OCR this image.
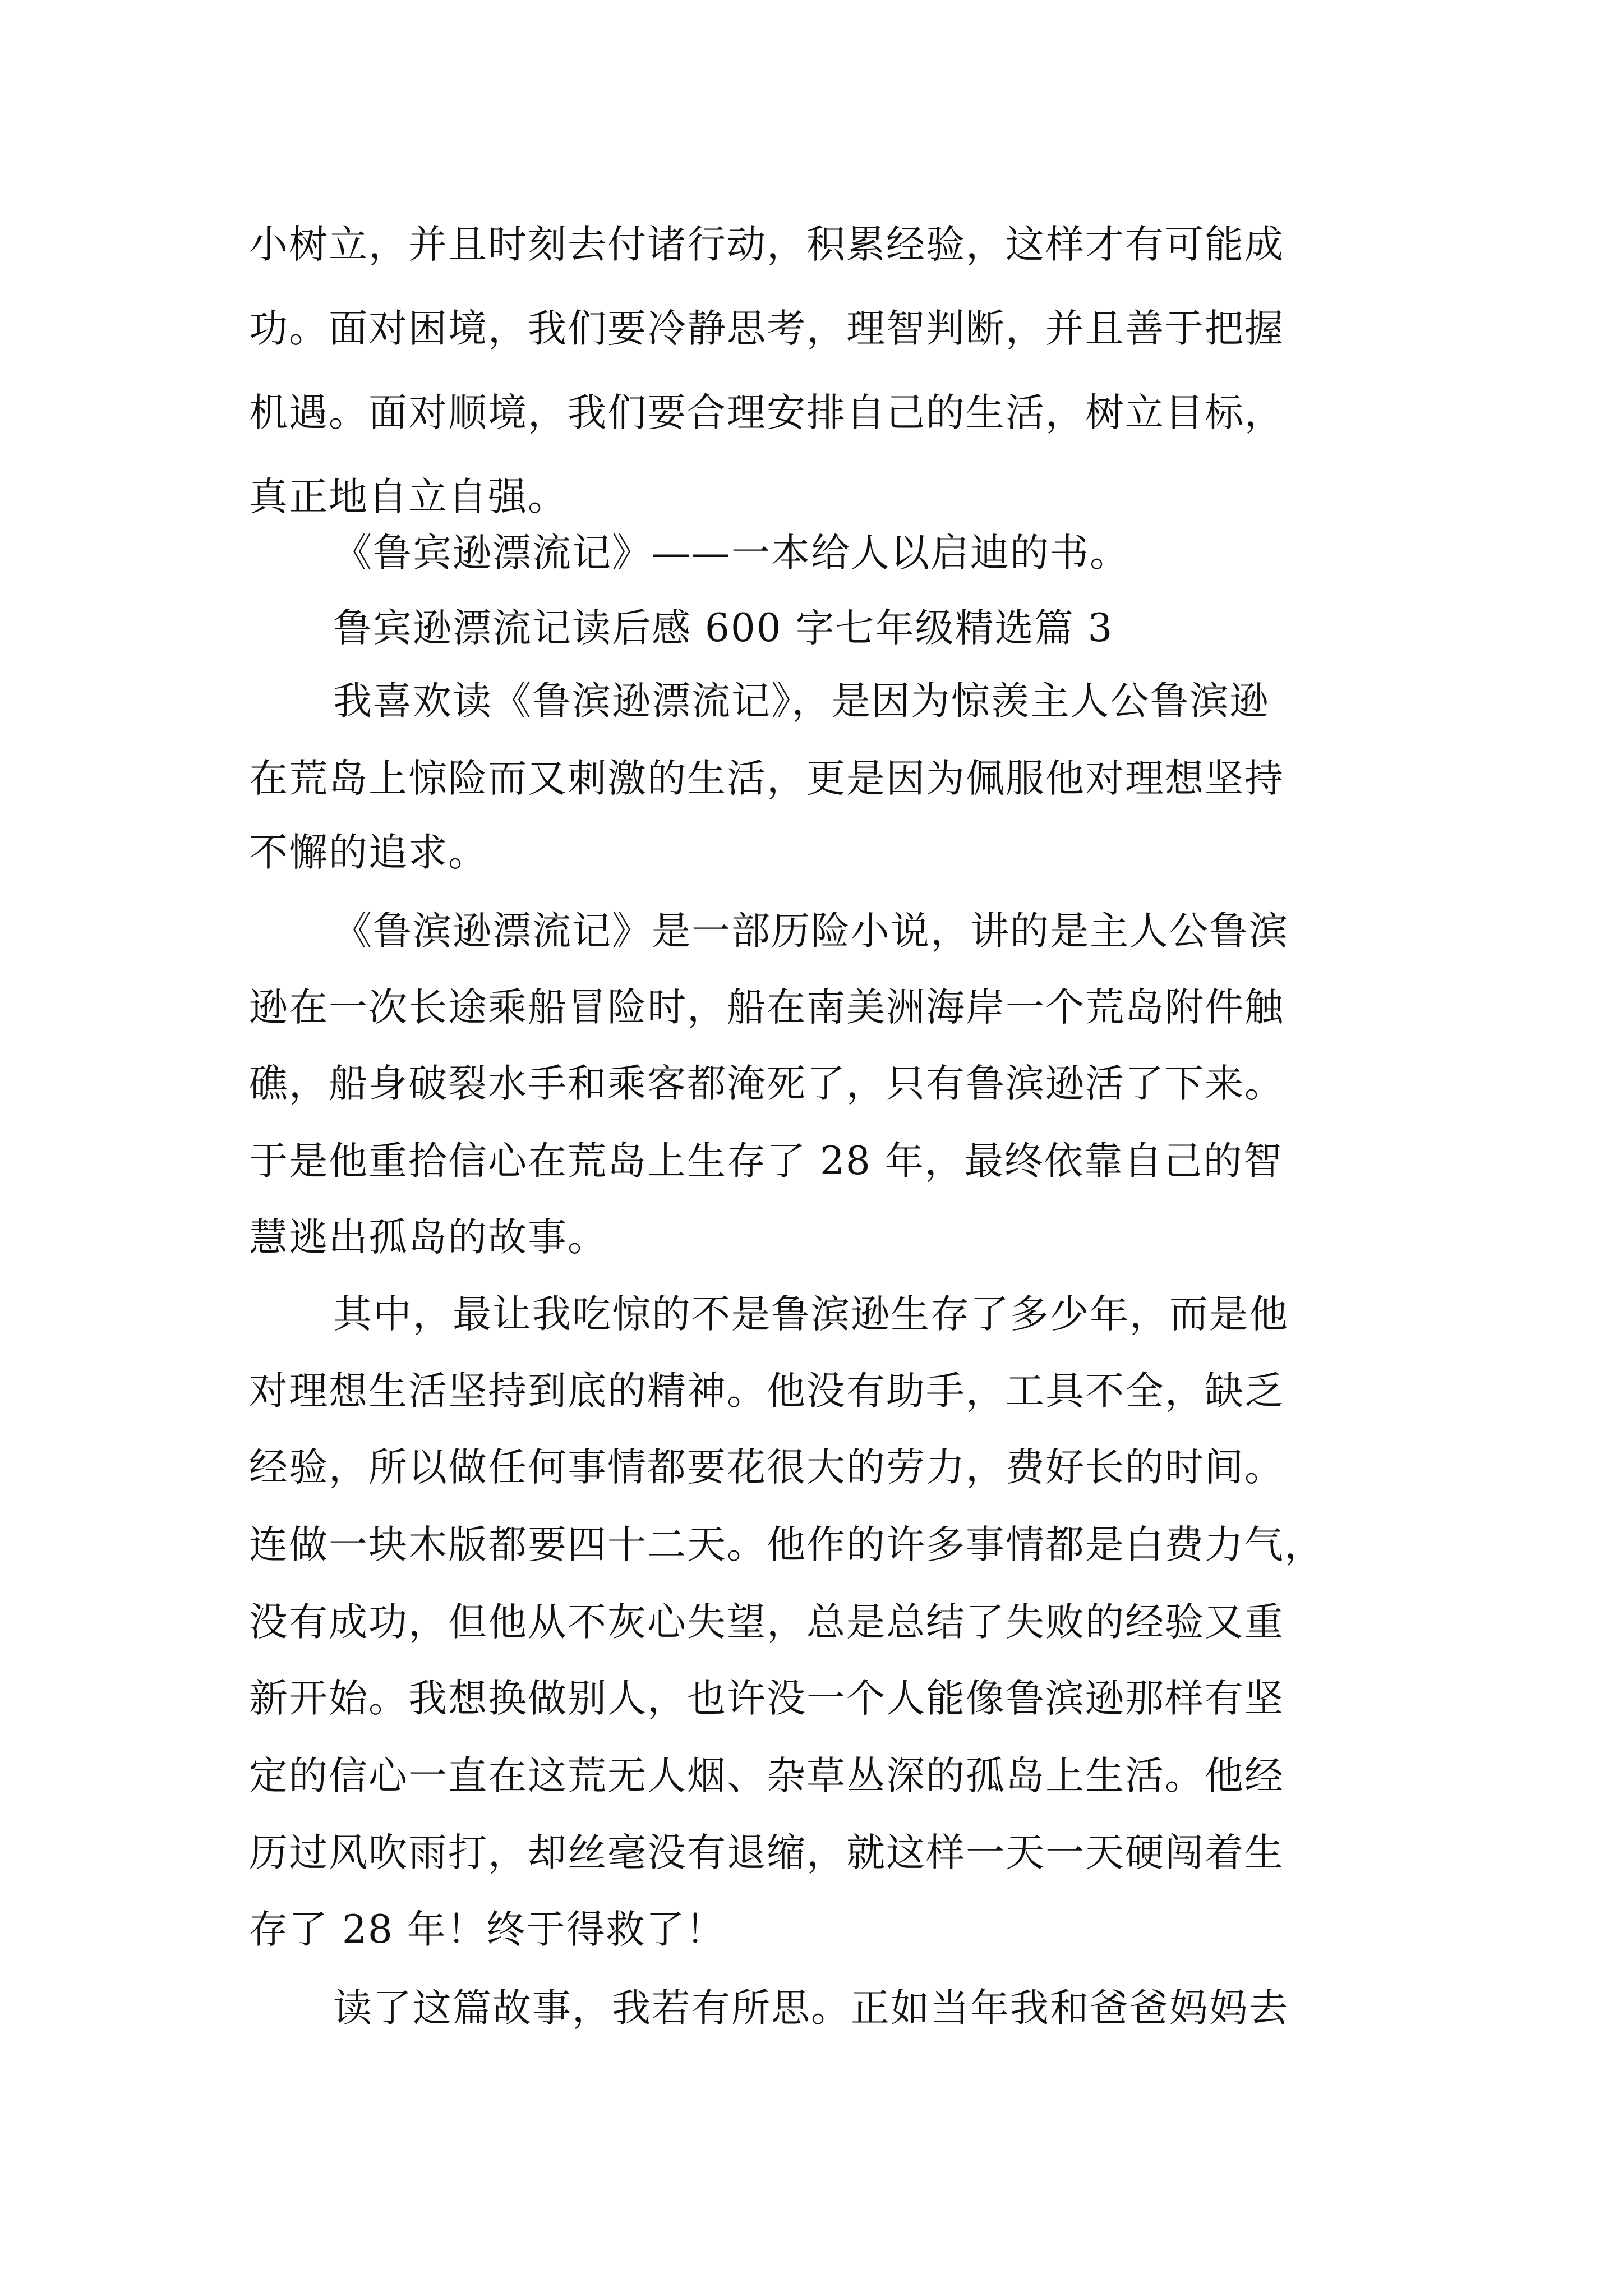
小树立，并且时刻去付诸行动，积累经验，这样才有可能成
功。面对困境，我们要冷静思考，理智判断，并且善于把握
机遇。面对顺境，我们要合理安排自己的生活，树立目标，
真正地自立自强。
《鲁宾逊漂流记》——一本给人以启迪的书。
鲁宾逊漂流记读后感 600 字七年级精选篇 3
我喜欢读《鲁滨逊漂流记》，是因为惊羡主人公鲁滨逊
在荒岛上惊险而又刺激的生活，更是因为佩服他对理想坚持
不懈的追求。
《鲁滨逊漂流记》是一部历险小说，讲的是主人公鲁滨
逊在一次长途乘船冒险时，船在南美洲海岸一个荒岛附件触
礁，船身破裂水手和乘客都淹死了，只有鲁滨逊活了下来。
于是他重拾信心在荒岛上生存了 28 年，最终依靠自己的智
慧逃出孤岛的故事。
其中，最让我吃惊的不是鲁滨逊生存了多少年，而是他
对理想生活坚持到底的精神。他没有助手，工具不全，缺乏
经验，所以做任何事情都要花很大的劳力，费好长的时间。
连做一块木版都要四十二天。他作的许多事情都是白费力气，
没有成功，但他从不灰心失望，总是总结了失败的经验又重
新开始。我想换做别人，也许没一个人能像鲁滨逊那样有坚
定的信心一直在这荒无人烟、杂草丛深的孤岛上生活。他经
历过风吹雨打，却丝毫没有退缩，就这样一天一天硬闯着生
存了 28 年！终于得救了！
读了这篇故事，我若有所思。正如当年我和爸爸妈妈去
